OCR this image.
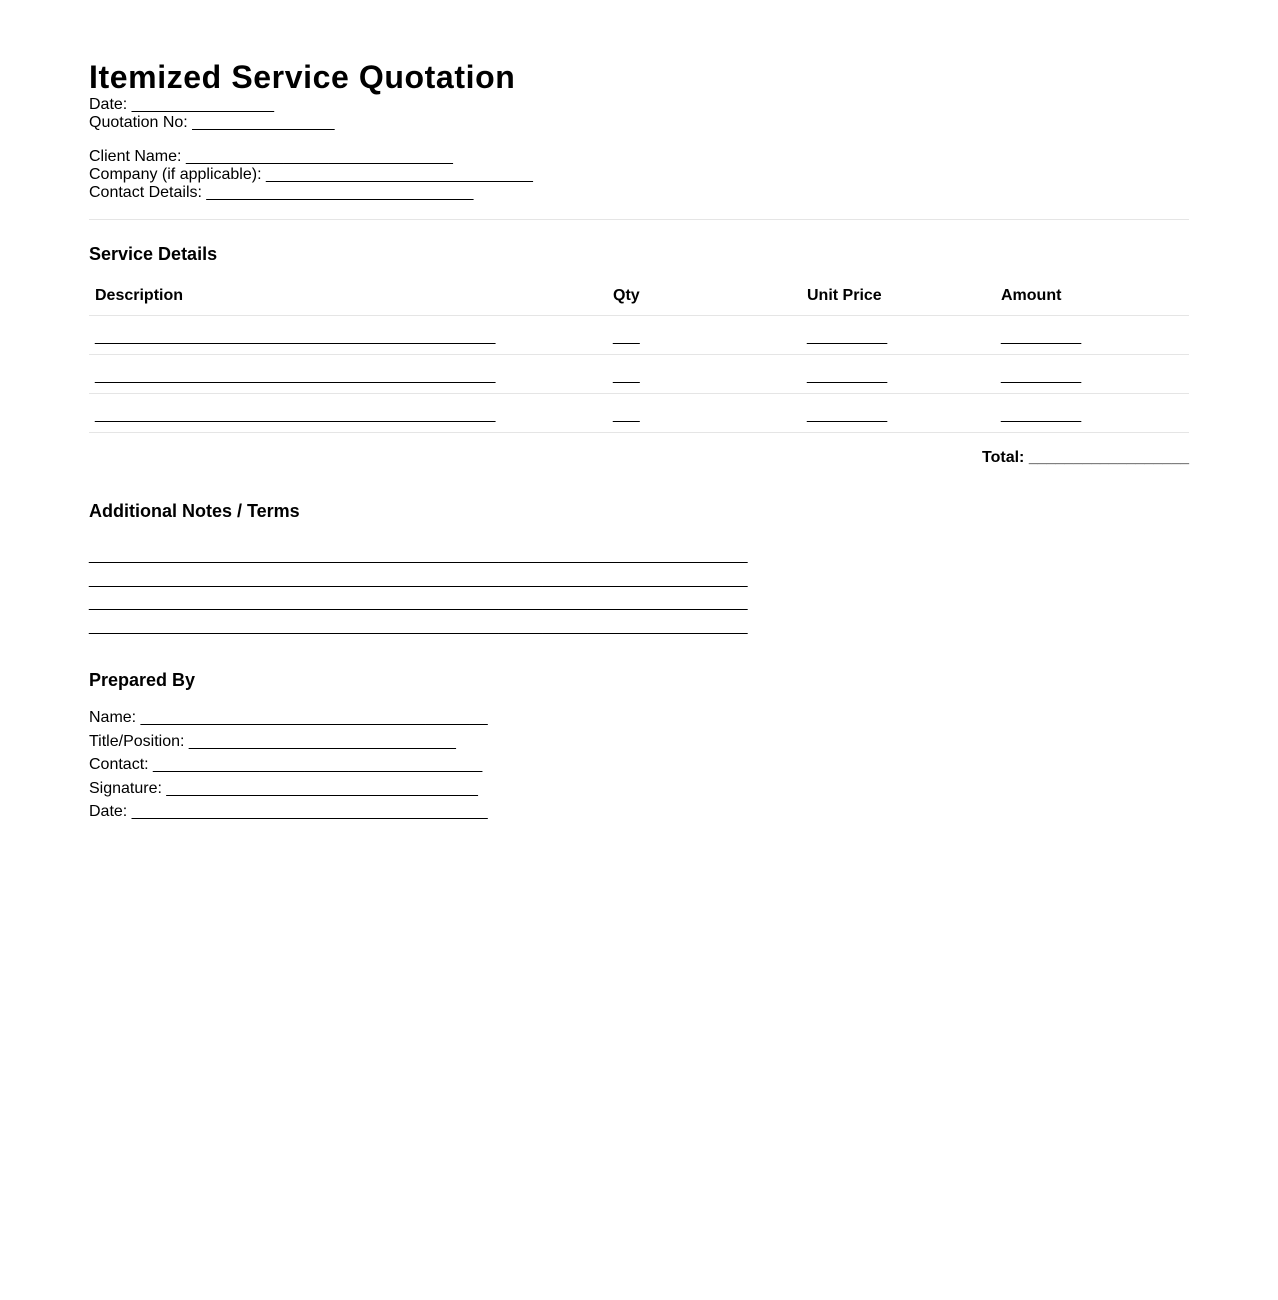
Itemized Service Quotation
Date: ________________
Quotation No: ________________
Client Name: ______________________________
Company (if applicable): ______________________________
Contact Details: ______________________________
Service Details
Description	Qty	Unit Price	Amount
_____________________________________________	___	_________	_________
_____________________________________________	___	_________	_________
_____________________________________________	___	_________	_________
Total: __________________
Additional Notes / Terms
__________________________________________________________________________
__________________________________________________________________________
__________________________________________________________________________
__________________________________________________________________________
Prepared By
Name: _______________________________________
Title/Position: ______________________________
Contact: _____________________________________
Signature: ___________________________________
Date: ________________________________________
